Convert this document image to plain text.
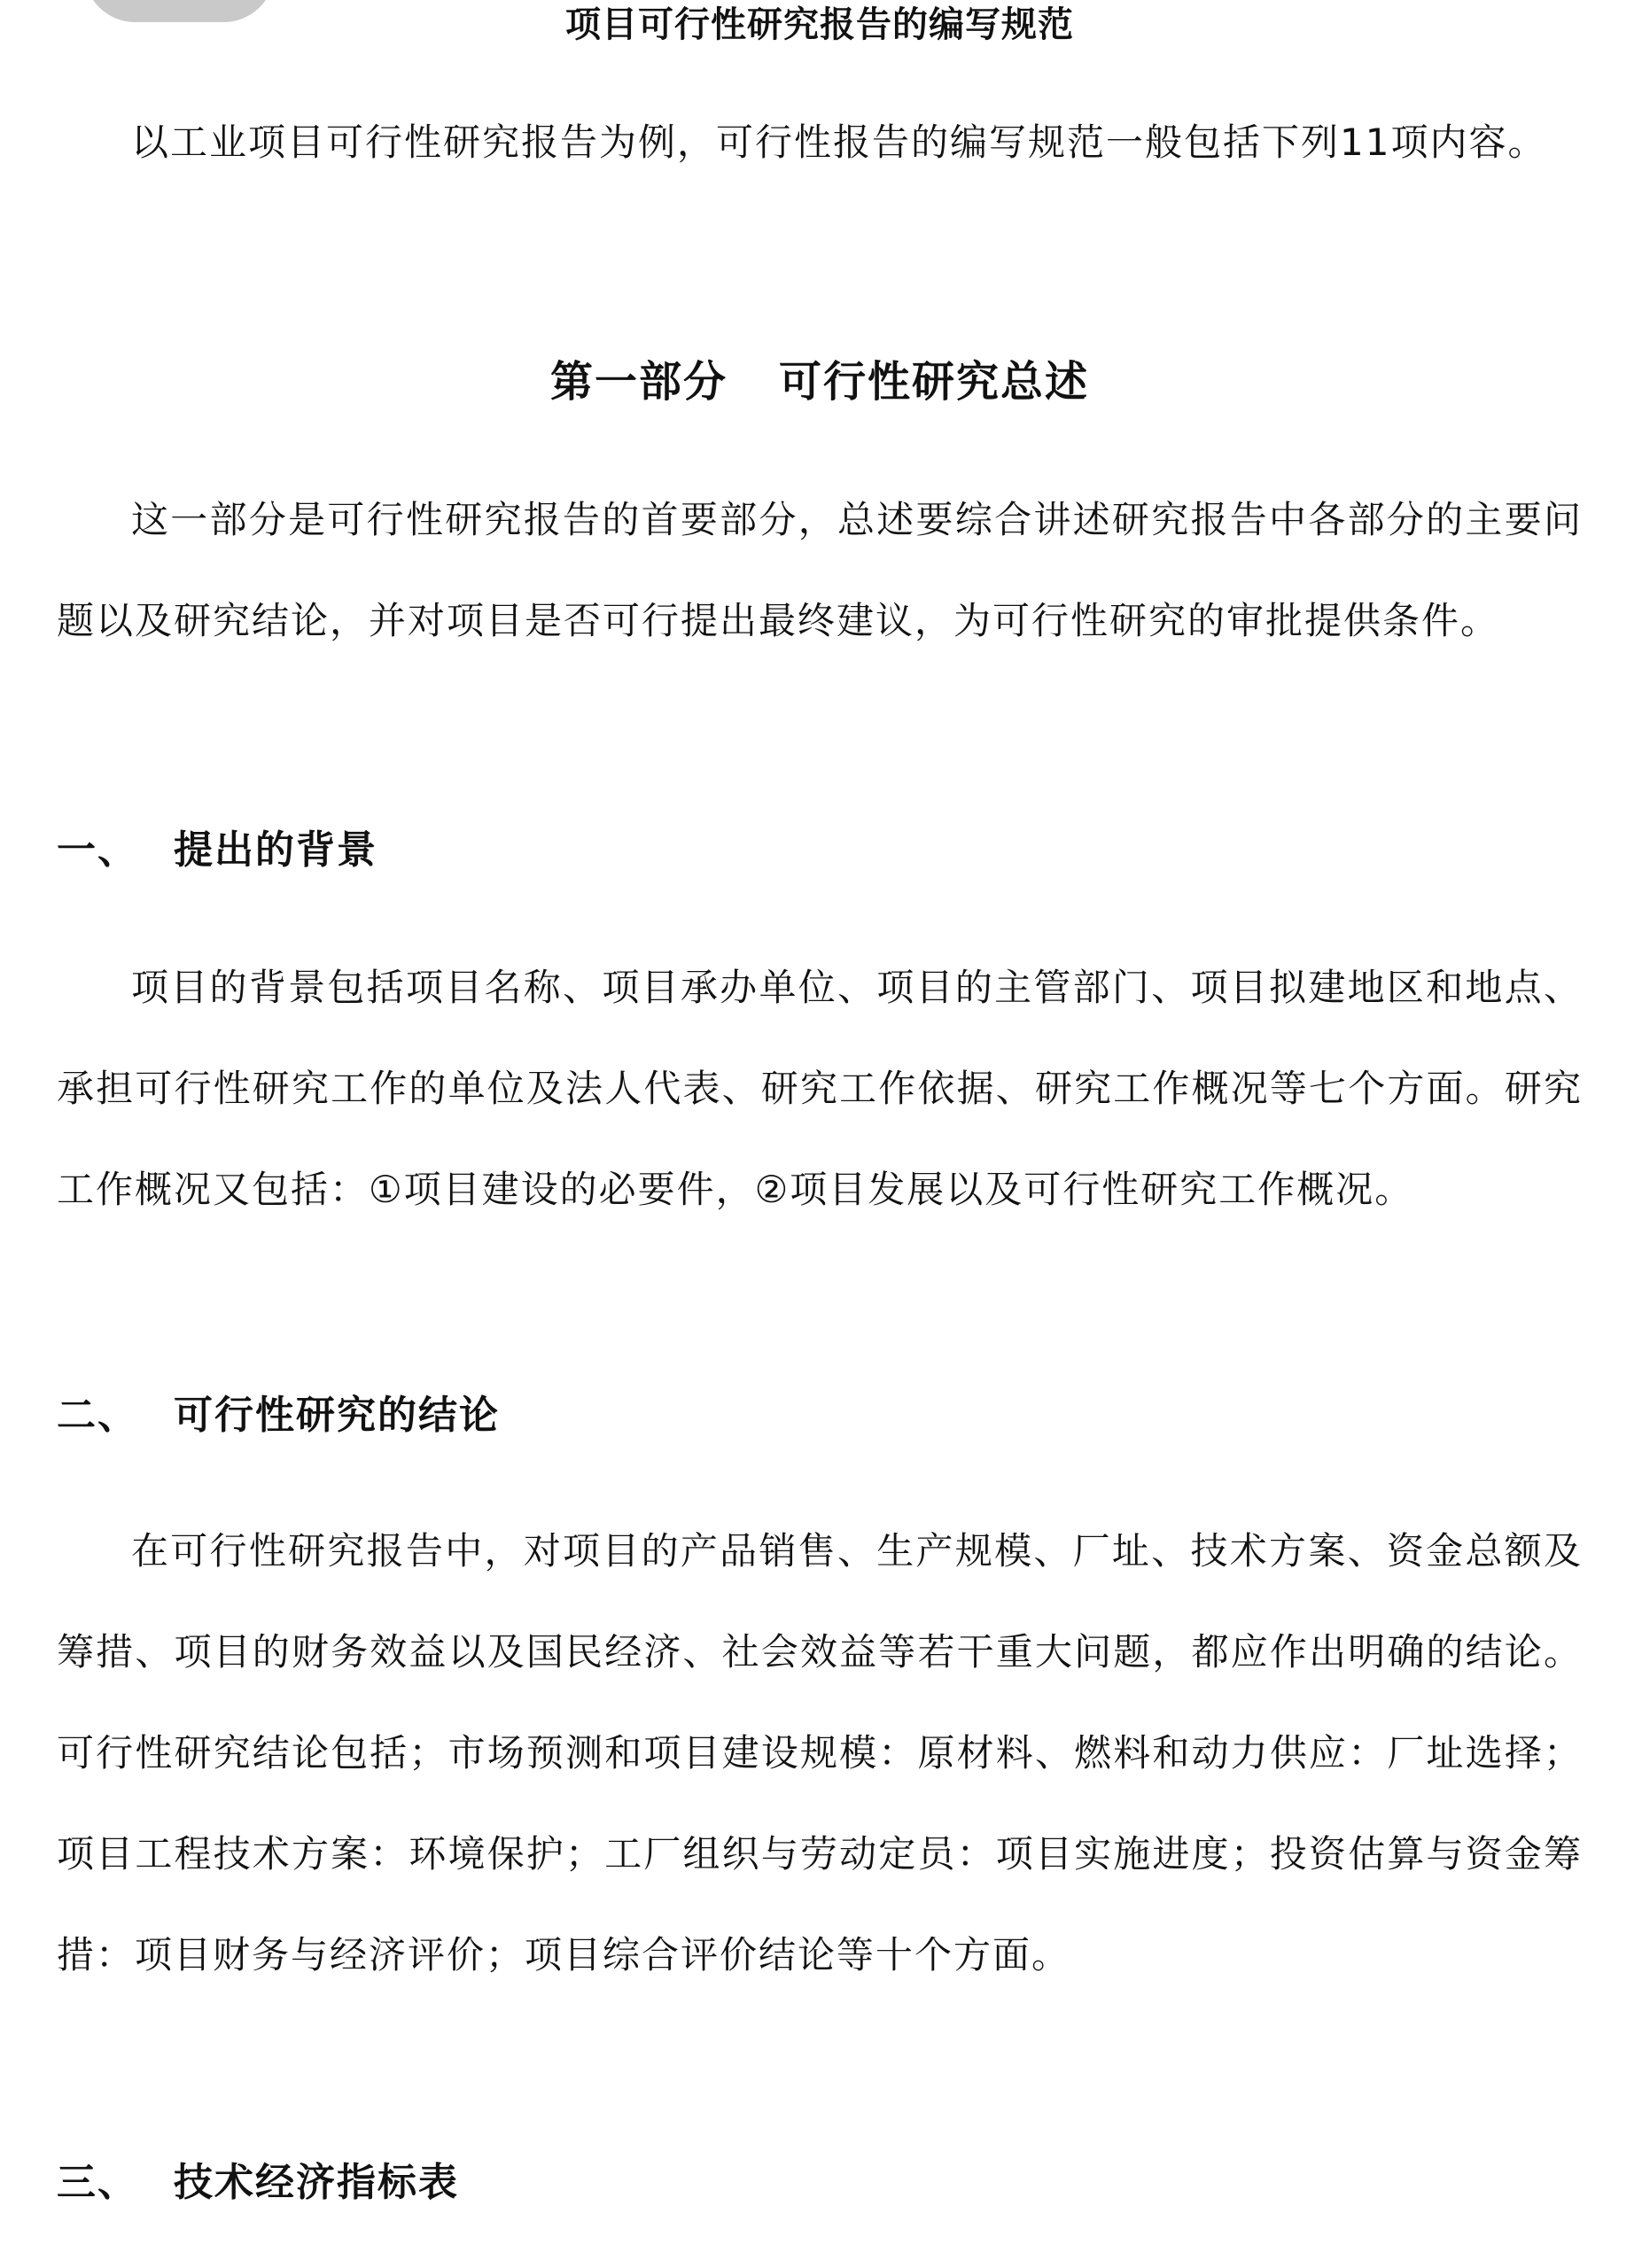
项目可行性研究报告的编写规范

以工业项目可行性研究报告为例，可行性报告的编写规范一般包括下列11项内容。

第一部分 可行性研究总述

这一部分是可行性研究报告的首要部分，总述要综合讲述研究报告中各部分的主要问题以及研究结论，并对项目是否可行提出最终建议，为可行性研究的审批提供条件。

一、 提出的背景

项目的背景包括项目名称、项目承办单位、项目的主管部门、项目拟建地区和地点、承担可行性研究工作的单位及法人代表、研究工作依据、研究工作概况等七个方面。研究工作概况又包括：①项目建设的必要件，②项目发展以及可行性研究工作概况。

二、 可行性研究的结论

在可行性研究报告中，对项目的产品销售、生产规模、厂址、技术方案、资金总额及筹措、项目的财务效益以及国民经济、社会效益等若干重大问题，都应作出明确的结论。可行性研究结论包括；市场预测和项目建设规模：原材料、燃料和动力供应：厂址选择；项目工程技术方案：环境保护；工厂组织与劳动定员：项目实施进度；投资估算与资金筹措：项目财务与经济评价；项目综合评价结论等十个方面。

三、 技术经济指标表
